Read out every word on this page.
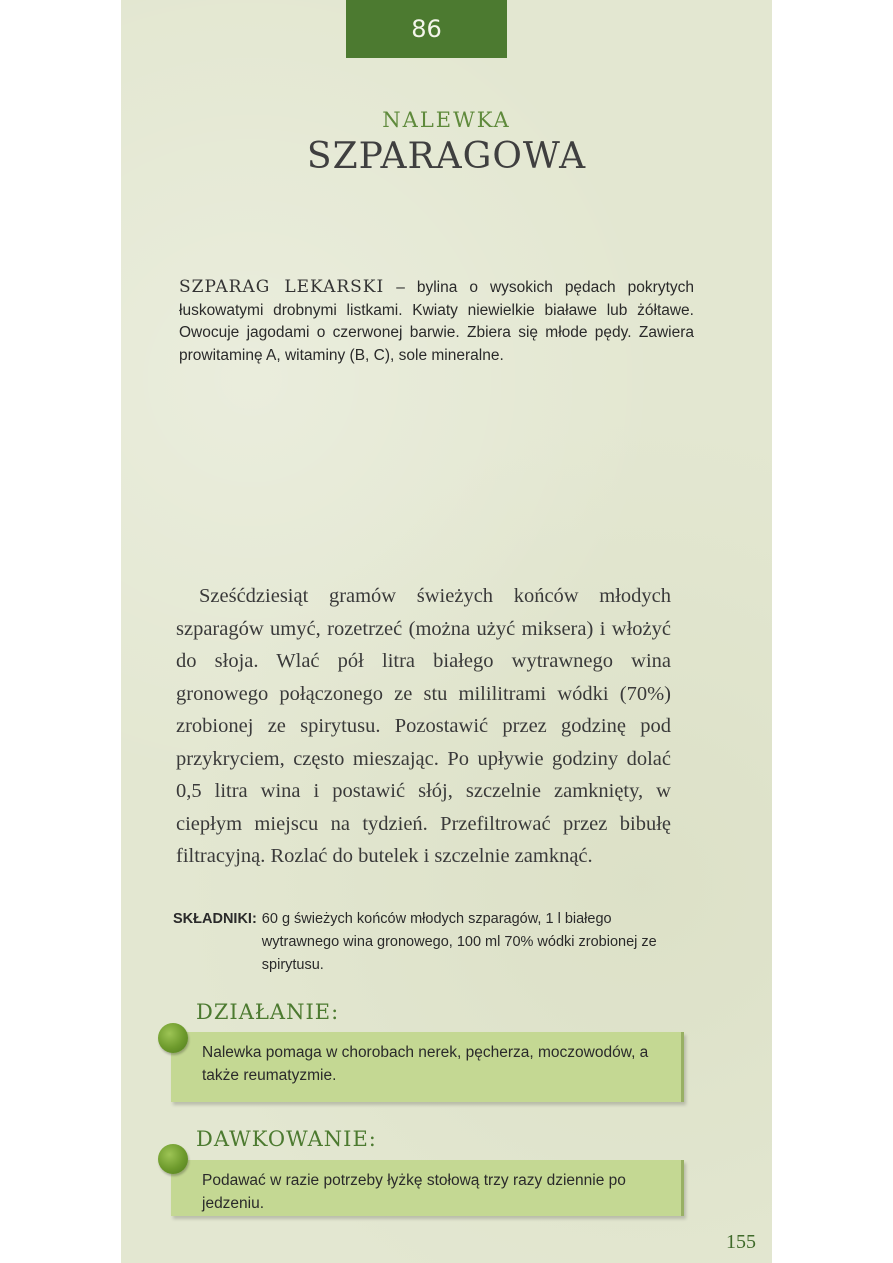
86
NALEWKA
SZPARAGOWA

SZPARAG LEKARSKI – bylina o wysokich pędach pokrytych łuskowatymi drobnymi listkami. Kwiaty niewielkie białawe lub żółtawe. Owocuje jagodami o czerwonej barwie. Zbiera się młode pędy. Zawiera prowitaminę A, witaminy (B, C), sole mineralne.

Sześćdziesiąt gramów świeżych końców młodych szparagów umyć, rozetrzeć (można użyć miksera) i włożyć do słoja. Wlać pół litra białego wytrawnego wina gronowego połączonego ze stu mililitrami wódki (70%) zrobionej ze spirytusu. Pozostawić przez godzinę pod przykryciem, często mieszając. Po upływie godziny dolać 0,5 litra wina i postawić słój, szczelnie zamknięty, w ciepłym miejscu na tydzień. Przefiltrować przez bibułę filtracyjną. Rozlać do butelek i szczelnie zamknąć.

SKŁADNIKI: 60 g świeżych końców młodych szparagów, 1 l białego wytrawnego wina gronowego, 100 ml 70% wódki zrobionej ze spirytusu.
DZIAŁANIE:
Nalewka pomaga w chorobach nerek, pęcherza, moczowodów, a także reumatyzmie.
DAWKOWANIE:
Podawać w razie potrzeby łyżkę stołową trzy razy dziennie po jedzeniu.
155
